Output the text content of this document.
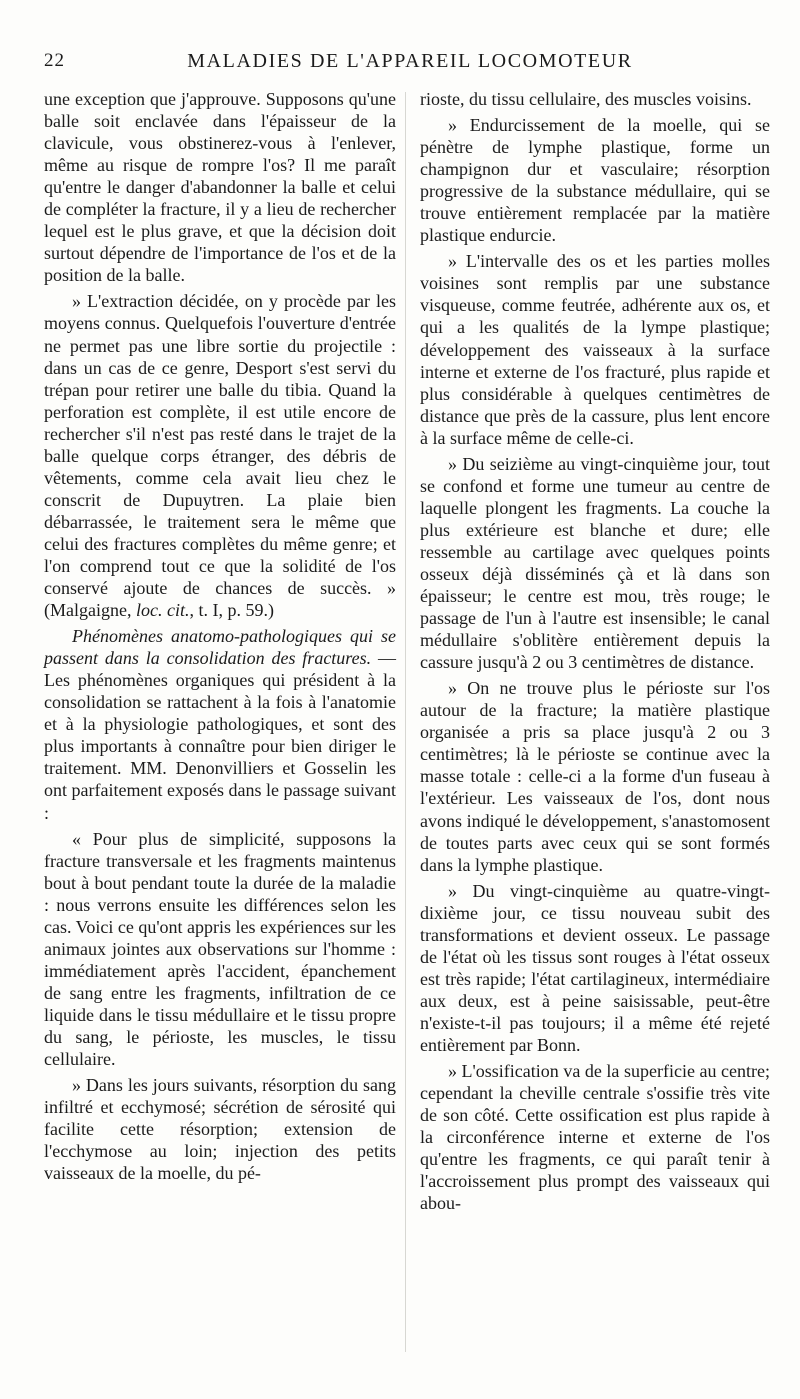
22	MALADIES DE L'APPAREIL LOCOMOTEUR

une exception que j'approuve. Supposons qu'une balle soit enclavée dans l'épaisseur de la clavicule, vous obstinerez-vous à l'enlever, même au risque de rompre l'os? Il me paraît qu'entre le danger d'abandonner la balle et celui de compléter la fracture, il y a lieu de rechercher lequel est le plus grave, et que la décision doit surtout dépendre de l'importance de l'os et de la position de la balle.

» L'extraction décidée, on y procède par les moyens connus. Quelquefois l'ouverture d'entrée ne permet pas une libre sortie du projectile : dans un cas de ce genre, Desport s'est servi du trépan pour retirer une balle du tibia. Quand la perforation est complète, il est utile encore de rechercher s'il n'est pas resté dans le trajet de la balle quelque corps étranger, des débris de vêtements, comme cela avait lieu chez le conscrit de Dupuytren. La plaie bien débarrassée, le traitement sera le même que celui des fractures complètes du même genre; et l'on comprend tout ce que la solidité de l'os conservé ajoute de chances de succès. » (Malgaigne, loc. cit., t. I, p. 59.)

Phénomènes anatomo-pathologiques qui se passent dans la consolidation des fractures. — Les phénomènes organiques qui président à la consolidation se rattachent à la fois à l'anatomie et à la physiologie pathologiques, et sont des plus importants à connaître pour bien diriger le traitement. MM. Denonvilliers et Gosselin les ont parfaitement exposés dans le passage suivant :

« Pour plus de simplicité, supposons la fracture transversale et les fragments maintenus bout à bout pendant toute la durée de la maladie : nous verrons ensuite les différences selon les cas. Voici ce qu'ont appris les expériences sur les animaux jointes aux observations sur l'homme : immédiatement après l'accident, épanchement de sang entre les fragments, infiltration de ce liquide dans le tissu médullaire et le tissu propre du sang, le périoste, les muscles, le tissu cellulaire.

» Dans les jours suivants, résorption du sang infiltré et ecchymosé; sécrétion de sérosité qui facilite cette résorption; extension de l'ecchymose au loin; injection des petits vaisseaux de la moelle, du pé-

rioste, du tissu cellulaire, des muscles voisins.

» Endurcissement de la moelle, qui se pénètre de lymphe plastique, forme un champignon dur et vasculaire; résorption progressive de la substance médullaire, qui se trouve entièrement remplacée par la matière plastique endurcie.

» L'intervalle des os et les parties molles voisines sont remplis par une substance visqueuse, comme feutrée, adhérente aux os, et qui a les qualités de la lympe plastique; développement des vaisseaux à la surface interne et externe de l'os fracturé, plus rapide et plus considérable à quelques centimètres de distance que près de la cassure, plus lent encore à la surface même de celle-ci.

» Du seizième au vingt-cinquième jour, tout se confond et forme une tumeur au centre de laquelle plongent les fragments. La couche la plus extérieure est blanche et dure; elle ressemble au cartilage avec quelques points osseux déjà disséminés çà et là dans son épaisseur; le centre est mou, très rouge; le passage de l'un à l'autre est insensible; le canal médullaire s'oblitère entièrement depuis la cassure jusqu'à 2 ou 3 centimètres de distance.

» On ne trouve plus le périoste sur l'os autour de la fracture; la matière plastique organisée a pris sa place jusqu'à 2 ou 3 centimètres; là le périoste se continue avec la masse totale : celle-ci a la forme d'un fuseau à l'extérieur. Les vaisseaux de l'os, dont nous avons indiqué le développement, s'anastomosent de toutes parts avec ceux qui se sont formés dans la lymphe plastique.

» Du vingt-cinquième au quatre-vingt-dixième jour, ce tissu nouveau subit des transformations et devient osseux. Le passage de l'état où les tissus sont rouges à l'état osseux est très rapide; l'état cartilagineux, intermédiaire aux deux, est à peine saisissable, peut-être n'existe-t-il pas toujours; il a même été rejeté entièrement par Bonn.

» L'ossification va de la superficie au centre; cependant la cheville centrale s'ossifie très vite de son côté. Cette ossification est plus rapide à la circonférence interne et externe de l'os qu'entre les fragments, ce qui paraît tenir à l'accroissement plus prompt des vaisseaux qui abou-
